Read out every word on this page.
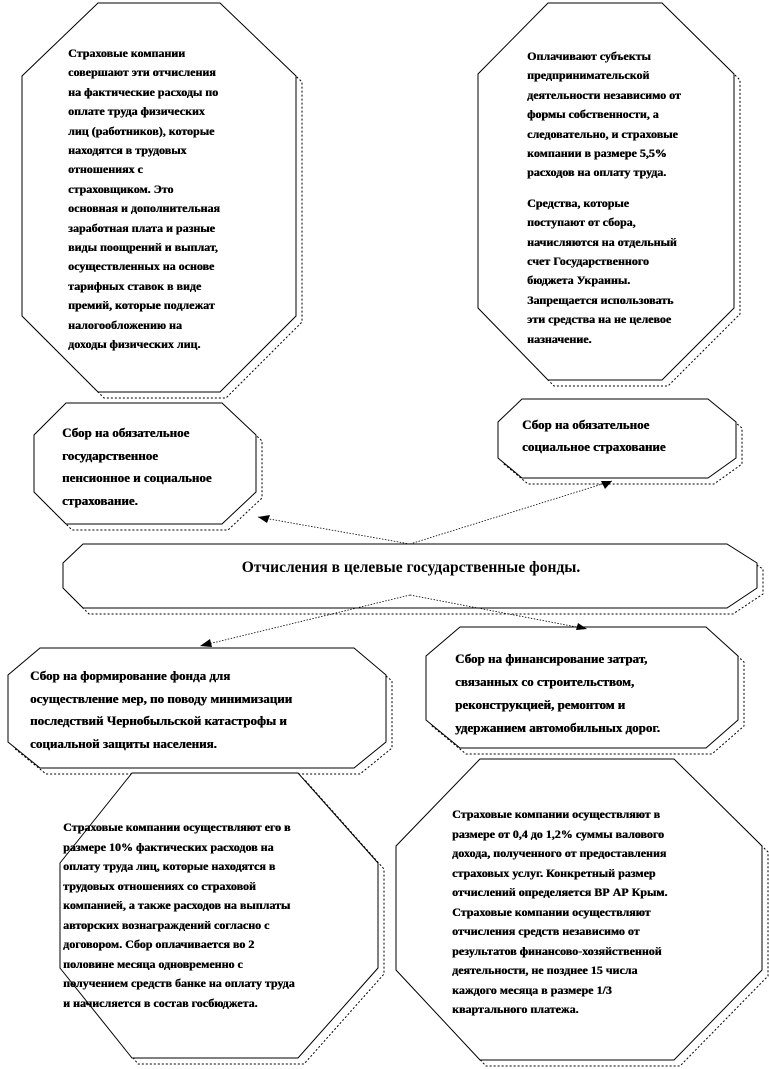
Страховые компании

совершают эти отчисления

на фактические расходы по

оплате труда физических

лиц (работников), которые

находятся в трудовых

отношениях с

страховщиком. Это

основная и дополнительная

заработная плата и разные

виды поощрений и выплат,

осуществленных на основе

тарифных ставок в виде

премий, которые подлежат

налогообложению на

доходы физических лиц.

Оплачивают субъекты

предпринимательской

деятельности независимо от

формы собственности, а

следовательно, и страховые

компании в размере 5,5%

расходов на оплату труда.

Средства, которые

поступают от сбора,

начисляются на отдельный

счет Государственного

бюджета Украины.

Запрещается использовать

эти средства на не целевое

назначение.

Сбор на обязательное

государственное

пенсионное и социальное

страхование.

Сбор на обязательное

социальное страхование

Отчисления в целевые государственные фонды.

Сбор на формирование фонда для

осуществление мер, по поводу минимизации

последствий Чернобыльской катастрофы и

социальной защиты населения.

Сбор на финансирование затрат,

связанных со строительством,

реконструкцией, ремонтом и

удержанием автомобильных дорог.

Страховые компании осуществляют его в

размере 10% фактических расходов на

оплату труда лиц, которые находятся в

трудовых отношениях со страховой

компанией, а также расходов на выплаты

авторских вознаграждений согласно с

договором. Сбор оплачивается во 2

половине месяца одновременно с

получением средств банке на оплату труда

и начисляется в состав госбюджета.

Страховые компании осуществляют в

размере от 0,4 до 1,2% суммы валового

дохода, полученного от предоставления

страховых услуг. Конкретный размер

отчислений определяется ВР АР Крым.

Страховые компании осуществляют

отчисления средств независимо от

результатов финансово-хозяйственной

деятельности, не позднее 15 числа

каждого месяца в размере 1/3

квартального платежа.
